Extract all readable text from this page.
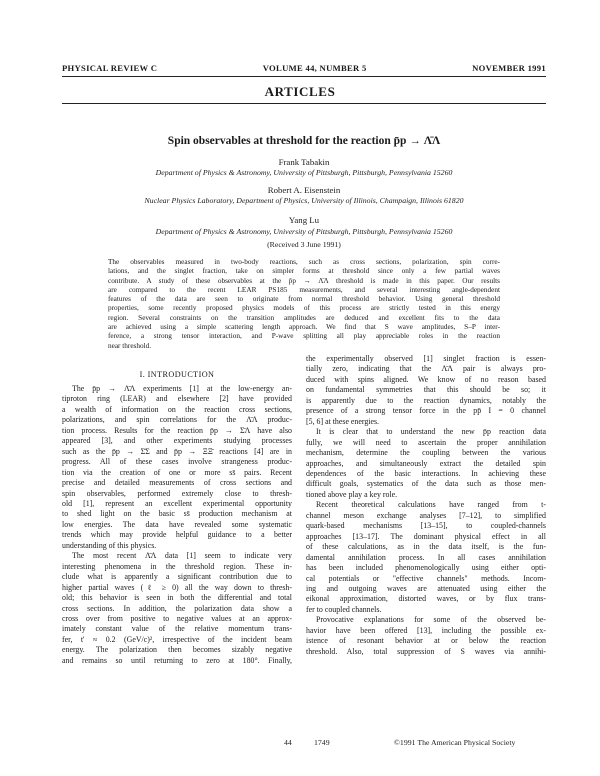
PHYSICAL REVIEW C	VOLUME 44, NUMBER 5	NOVEMBER 1991
ARTICLES
Spin observables at threshold for the reaction p̄p → Λ̄Λ
Frank Tabakin
Department of Physics & Astronomy, University of Pittsburgh, Pittsburgh, Pennsylvania 15260
Robert A. Eisenstein
Nuclear Physics Laboratory, Department of Physics, University of Illinois, Champaign, Illinois 61820
Yang Lu
Department of Physics & Astronomy, University of Pittsburgh, Pittsburgh, Pennsylvania 15260
(Received 3 June 1991)
The observables measured in two-body reactions, such as cross sections, polarization, spin corre-
lations, and the singlet fraction, take on simpler forms at threshold since only a few partial waves
contribute. A study of these observables at the p̄p → Λ̄Λ threshold is made in this paper. Our results
are compared to the recent LEAR PS185 measurements, and several interesting angle-dependent
features of the data are seen to originate from normal threshold behavior. Using general threshold
properties, some recently proposed physics models of this process are strictly tested in this energy
region. Several constraints on the transition amplitudes are deduced and excellent fits to the data
are achieved using a simple scattering length approach. We find that S wave amplitudes, S–P inter-
ference, a strong tensor interaction, and P-wave splitting all play appreciable roles in the reaction
near threshold.
I. INTRODUCTION
The p̄p → Λ̄Λ experiments [1] at the low-energy an-
tiproton ring (LEAR) and elsewhere [2] have provided
a wealth of information on the reaction cross sections,
polarizations, and spin correlations for the Λ̄Λ produc-
tion process. Results for the reaction p̄p → Σ̄Λ have also
appeared [3], and other experiments studying processes
such as the p̄p → Σ̄Σ and p̄p → ΞΞ̄ reactions [4] are in
progress. All of these cases involve strangeness produc-
tion via the creation of one or more ss̄ pairs. Recent
precise and detailed measurements of cross sections and
spin observables, performed extremely close to thresh-
old [1], represent an excellent experimental opportunity
to shed light on the basic ss̄ production mechanism at
low energies. The data have revealed some systematic
trends which may provide helpful guidance to a better
understanding of this physics.
The most recent Λ̄Λ data [1] seem to indicate very
interesting phenomena in the threshold region. These in-
clude what is apparently a significant contribution due to
higher partial waves (ℓ ≥ 0) all the way down to thresh-
old; this behavior is seen in both the differential and total
cross sections. In addition, the polarization data show a
cross over from positive to negative values at an approx-
imately constant value of the relative momentum trans-
fer, t' ≈ 0.2 (GeV/c)², irrespective of the incident beam
energy. The polarization then becomes sizably negative
and remains so until returning to zero at 180°. Finally,
the experimentally observed [1] singlet fraction is essen-
tially zero, indicating that the Λ̄Λ pair is always pro-
duced with spins aligned. We know of no reason based
on fundamental symmetries that this should be so; it
is apparently due to the reaction dynamics, notably the
presence of a strong tensor force in the pp̄ I = 0 channel
[5, 6] at these energies.
It is clear that to understand the new p̄p reaction data
fully, we will need to ascertain the proper annihilation
mechanism, determine the coupling between the various
approaches, and simultaneously extract the detailed spin
dependences of the basic interactions. In achieving these
difficult goals, systematics of the data such as those men-
tioned above play a key role.
Recent theoretical calculations have ranged from t-
channel meson exchange analyses [7–12], to simplified
quark-based mechanisms [13–15], to coupled-channels
approaches [13–17]. The dominant physical effect in all
of these calculations, as in the data itself, is the fun-
damental annihilation process. In all cases annihilation
has been included phenomenologically using either opti-
cal potentials or "effective channels" methods. Incom-
ing and outgoing waves are attenuated using either the
eikonal approximation, distorted waves, or by flux trans-
fer to coupled channels.
Provocative explanations for some of the observed be-
havior have been offered [13], including the possible ex-
istence of resonant behavior at or below the reaction
threshold. Also, total suppression of S waves via annihi-
44	1749	©1991 The American Physical Society
